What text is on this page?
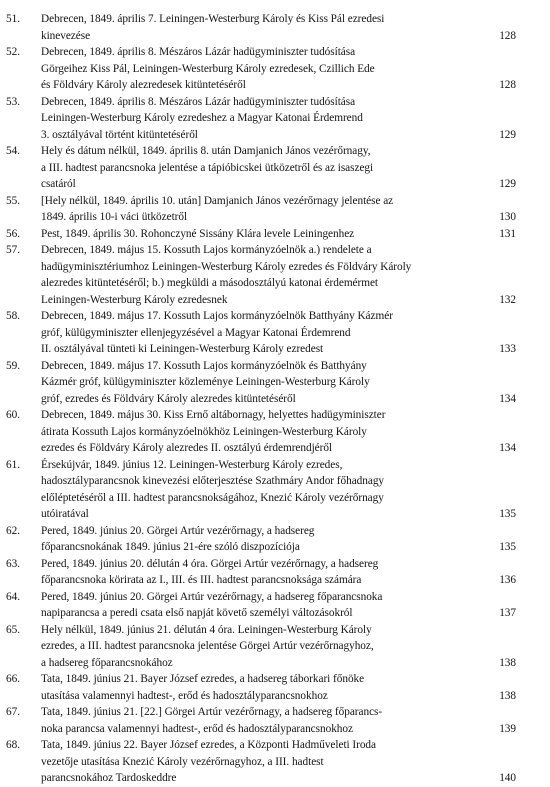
51.	Debrecen, 1849. április 7. Leiningen-Westerburg Károly és Kiss Pál ezredesi
kinevezése	128
52.	Debrecen, 1849. április 8. Mészáros Lázár hadügyminiszter tudósítása
Görgeihez Kiss Pál, Leiningen-Westerburg Károly ezredesek, Czillich Ede
és Földváry Károly alezredesek kitüntetéséről	128
53.	Debrecen, 1849. április 8. Mészáros Lázár hadügyminiszter tudósítása
Leiningen-Westerburg Károly ezredeshez a Magyar Katonai Érdemrend
3. osztályával történt kitüntetéséről	129
54.	Hely és dátum nélkül, 1849. április 8. után Damjanich János vezérőrnagy,
a III. hadtest parancsnoka jelentése a tápióbicskei ütközetről és az isaszegi
csatáról	129
55.	[Hely nélkül, 1849. április 10. után] Damjanich János vezérőrnagy jelentése az
1849. április 10-i váci ütközetről	130
56.	Pest, 1849. április 30. Rohonczyné Sissány Klára levele Leiningenhez	131
57.	Debrecen, 1849. május 15. Kossuth Lajos kormányzóelnök a.) rendelete a
hadügyminisztériumhoz Leiningen-Westerburg Károly ezredes és Földváry Károly
alezredes kitüntetéséről; b.) megküldi a másodosztályú katonai érdemérmet
Leiningen-Westerburg Károly ezredesnek	132
58.	Debrecen, 1849. május 17. Kossuth Lajos kormányzóelnök Batthyány Kázmér
gróf, külügyminiszter ellenjegyzésével a Magyar Katonai Érdemrend
II. osztályával tünteti ki Leiningen-Westerburg Károly ezredest	133
59.	Debrecen, 1849. május 17. Kossuth Lajos kormányzóelnök és Batthyány
Kázmér gróf, külügyminiszter közleménye Leiningen-Westerburg Károly
gróf, ezredes és Földváry Károly alezredes kitüntetéséről	134
60.	Debrecen, 1849. május 30. Kiss Ernő altábornagy, helyettes hadügyminiszter
átirata Kossuth Lajos kormányzóelnökhöz Leiningen-Westerburg Károly
ezredes és Földváry Károly alezredes II. osztályú érdemrendjéről	134
61.	Érsekújvár, 1849. június 12. Leiningen-Westerburg Károly ezredes,
hadosztályparancsnok kinevezési előterjesztése Szathmáry Andor főhadnagy
előléptetéséről a III. hadtest parancsnokságához, Knezić Károly vezérőrnagy
utóiratával	135
62.	Pered, 1849. június 20. Görgei Artúr vezérőrnagy, a hadsereg
főparancsnokának 1849. június 21-ére szóló diszpozíciója	135
63.	Pered, 1849. június 20. délután 4 óra. Görgei Artúr vezérőrnagy, a hadsereg
főparancsnoka körirata az I., III. és III. hadtest parancsnoksága számára	136
64.	Pered, 1849. június 20. Görgei Artúr vezérőrnagy, a hadsereg főparancsnoka
napiparancsa a peredi csata első napját követő személyi változásokról	137
65.	Hely nélkül, 1849. június 21. délután 4 óra. Leiningen-Westerburg Károly
ezredes, a III. hadtest parancsnoka jelentése Görgei Artúr vezérőrnagyhoz,
a hadsereg főparancsnokához	138
66.	Tata, 1849. június 21. Bayer József ezredes, a hadsereg táborkari főnöke
utasítása valamennyi hadtest-, erőd és hadosztályparancsnokhoz	138
67.	Tata, 1849. június 21. [22.] Görgei Artúr vezérőrnagy, a hadsereg főparancs-
noka parancsa valamennyi hadtest-, erőd és hadosztályparancsnokhoz	139
68.	Tata, 1849. június 22. Bayer József ezredes, a Központi Hadműveleti Iroda
vezetője utasítása Knezić Károly vezérőrnagyhoz, a III. hadtest
parancsnokához Tardoskeddre	140
